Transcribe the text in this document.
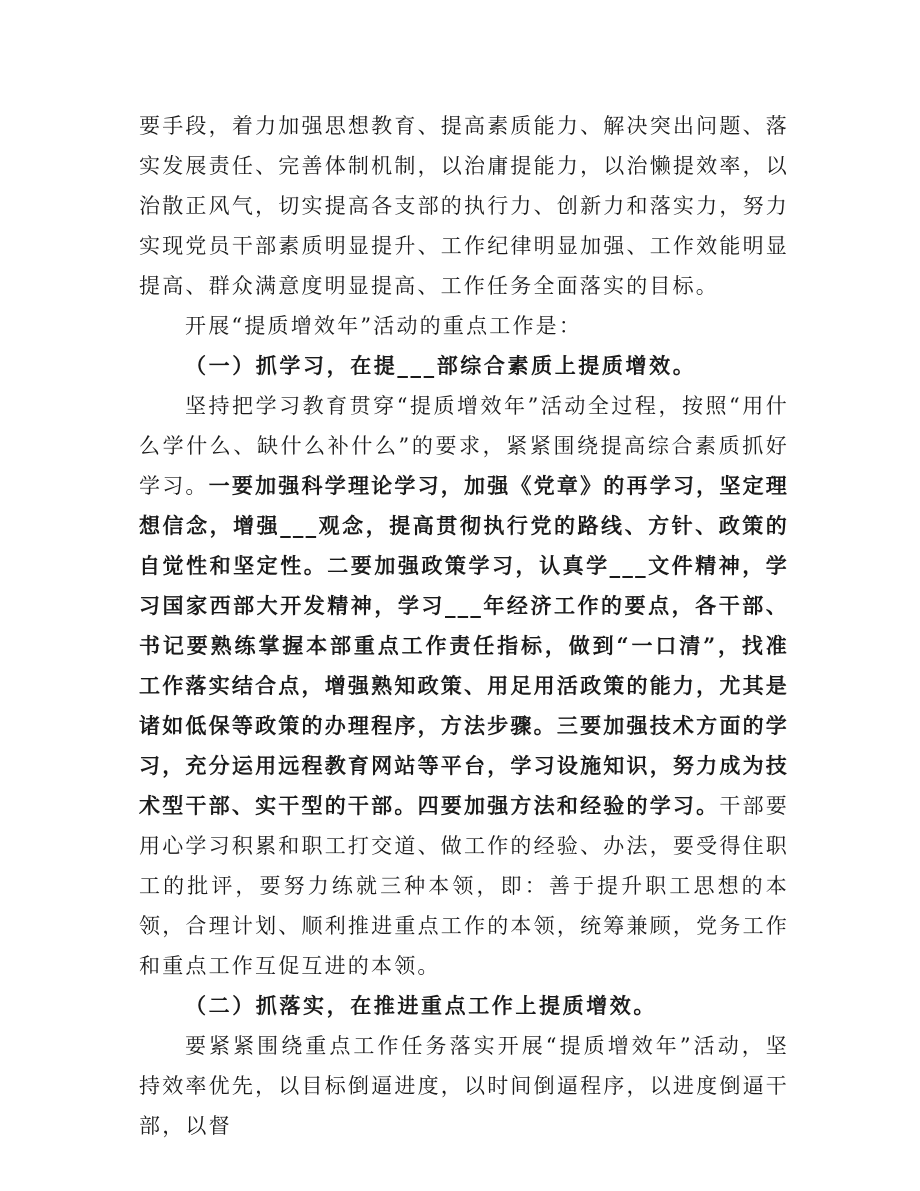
要手段，着力加强思想教育、提高素质能力、解决突出问题、落实发展责任、完善体制机制，以治庸提能力，以治懒提效率，以治散正风气，切实提高各支部的执行力、创新力和落实力，努力实现党员干部素质明显提升、工作纪律明显加强、工作效能明显提高、群众满意度明显提高、工作任务全面落实的目标。

开展“提质增效年”活动的重点工作是：

（一）抓学习，在提___部综合素质上提质增效。

坚持把学习教育贯穿“提质增效年”活动全过程，按照“用什么学什么、缺什么补什么”的要求，紧紧围绕提高综合素质抓好学习。一要加强科学理论学习，加强《党章》的再学习，坚定理想信念，增强___观念，提高贯彻执行党的路线、方针、政策的自觉性和坚定性。二要加强政策学习，认真学___文件精神，学习国家西部大开发精神，学习___年经济工作的要点，各干部、书记要熟练掌握本部重点工作责任指标，做到“一口清”，找准工作落实结合点，增强熟知政策、用足用活政策的能力，尤其是诸如低保等政策的办理程序，方法步骤。三要加强技术方面的学习，充分运用远程教育网站等平台，学习设施知识，努力成为技术型干部、实干型的干部。四要加强方法和经验的学习。干部要用心学习积累和职工打交道、做工作的经验、办法，要受得住职工的批评，要努力练就三种本领，即：善于提升职工思想的本领，合理计划、顺利推进重点工作的本领，统筹兼顾，党务工作和重点工作互促互进的本领。

（二）抓落实，在推进重点工作上提质增效。

要紧紧围绕重点工作任务落实开展“提质增效年”活动，坚持效率优先，以目标倒逼进度，以时间倒逼程序，以进度倒逼干部，以督
